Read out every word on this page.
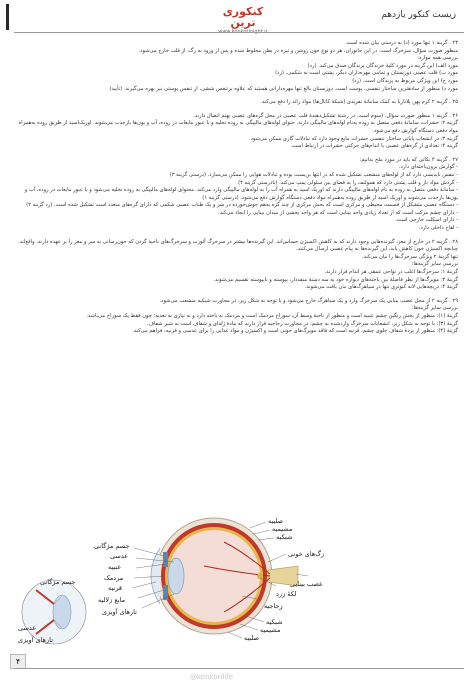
کنکوری ترین
زیست کنکور یازدهم

۲۴ . گزینه ۱ تنها مورد (د) به درستی بیان شده است.

منظور صورت سؤال، سرخرگ است. در این جانوران، هر دو نوع خون روشن و تیره در بطن مخلوط شده و پس از ورود به رگ، از قلب خارج می‌شود.

بررسی همه موارد:

مورد الف) این گزینه در مورد کلیهٔ خزندگان پرندگان صدق می‌کند. (رد)

مورد ب) قلب عصبی دوزیستان و تمامی مهره‌داران دیگر، پشتی است نه شکمی. (رد)

مورد ج) این ویژگی مربوط به پرندگان است. (رد)

مورد د) منظور از سادهترین ساختار تنفسی، پوست است. دوزیستان بالغ تنها مهره‌دارانی هستند که علاوه برتنفس ششی، از تنفس پوستی نیز بهره می‌گیرند. (تأیید)

۲۵ . گزینه ۲ کرم پهن پلاناریا به کمک سامانهٔ نفریدی (شبکهٔ کانال‌ها) مواد زائد را دفع می‌کند.

۲۶ . گزینه ۱ منظور صورت سؤال، (سوم است. در رشتهٔ تشکیل‌دهندهٔ قلب عصبی در محل گره‌های عصبی بهتم اتصال دارند.

گزینه ۲: حشرات، سامانهٔ دفعی متصل به روده به‌نام لوله‌های مالپیگی دارند. حتوای لوله‌های مالپیگی به روده تخلیه و با عبور مایعات در روده، آب و یون‌ها بازجذب می‌شوند. اوریک‌اسید از طریق روده به‌همراه مواد دفعی دستگاه گوارش دفع می‌شود.

گزینه ۳: در انشعاب پایانی ساختار تنفسی حشرات مایع وجود دارد که تبادلات گازی ممکن می‌شود.

گزینه ۴: تعدادی از گره‌های عصبی یا اندام‌های حرکتی حشرات در ارتباط است.

۲۷ . گزینه ۴ نکاتی که باید در مورد ملخ بدانیم:

- گوارش برون‌یاخته‌ای دارد.

- تنفس نایدیسی دارد که از لوله‌های منشعب تشکیل شده که در انتها بن‌بست بوده و تبادلات هوایی را ممکن می‌سازد. (درستی گزینه ۳)

- گردش مواد باز و قلب پشتی دارد که همولنف را به فضای بین سلولی پمپ می‌کند. (نادرستی گزینه ۴)

- سامانهٔ دفعی متصل به روده به نام لوله‌های مالپیگی دارند که اوریک اسید به همراه آب را به لوله‌های مالپیگی وارد می‌کند. محتوای لوله‌های مالپیگی به روده تخلیه می‌شود و با عبور مایعات در روده، آب و یون‌ها بازجذب می‌شوند و اوریک اسید از طریق روده به‌همراه مواد دفعی دستگاه گوارش دفع می‌شود. (درستی گزینه ۱)

- دستگاه عصبی متشکل از قسمت محیطی و مرکزی است که بخش مرکزی از چند گره به‌هم جوش‌خورده در سر و یک طناب عصبی شکمی که دارای گره‌های متعدد است تشکیل شده است. (رد گزینه ۲)

- دارای چشم مرکب است که از تعداد زیادی واحد بینایی است که هر واحد بخشی از میدان بینایی را ایجاد می‌کند.

- دارای اسکلت خارجی است.

- لقاح داخلی دارد.

۲۸ . گزینه ۲ در خارج از مغز، گیرنده‌هایی وجود دارند که به کاهش اکسیژن حساس‌اند. این گیرنده‌ها بیشتر در سرخرگ آئورت و سرخرگ‌های ناحیهٔ گردن که خون‌رسانی به سر و مغز را بر عهده دارند، واقع‌اند. چنانچه اکسیژن خون کاهش یابد، این گیرنده‌ها به پیام عصبی ارسال می‌کنند.

تنها گزینهٔ ۲ ویژگی سرخرگ‌ها را بیان می‌کند.

بررسی سایر گزینه‌ها:

گزینهٔ ۱: سرخرگ‌ها اغلب در نواحی عمقی هر اندام قرار دارند.

گزینهٔ ۳: مویرگ‌ها از نظر فاصلهٔ بین یاخته‌های دیواره خود به سه دستهٔ منفذدار، پیوسته و ناپیوسته تقسیم می‌شوند.

گزینهٔ ۴: دریچه‌هایی لانه کبوتری تنها در سیاهرگ‌های بدن یافت می‌شوند.

۲۹ . گزینه ۲ از محل عصب بینایی یک سرخرگ وارد و یک سیاهرگ خارج می‌شود و با توجه به شکل زیر، در مجاورت شبکیه منشعب می‌شود.

بررسی سایر گزینه‌ها:

گزینهٔ (۱): منظور از بخش رنگین چشم عنبیه است و منظور از ناحیهٔ وسط آن، سوراخ مردمک است و مردمک نه یاخته دارد و نه نیازی به تغذیه؛ چون فقط یک سوراخ می‌باشد.

گزینهٔ (۳): با توجه به شکل زیر، انشعابات سرخرگ واردشده به چشم، در مجاورت زجاجیه قرار دارند که مادهٔ ژله‌ای و شفاف است نه شیر شفاف.

گزینهٔ (۴): منظور از پردهٔ شفاف جلوی چشم، قرنیه است که فاقد مویرگ‌های خونی است و اکسیژن و مواد غذایی را برای عدسی و قرنیه، فراهم می‌کند.

صلبیه
مشیمیه
شبکیه
رگ‌های خونی
عصب بینایی
لکهٔ زرد
زجاجیه
شبکیه
مشیمیه
صلبیه
جسم مژگانی
عدسی
عنبیه
مردمک
قرنیه
مایع زلالیه
تارهای آویزی
جسم مژگانی
عدسی
تارهای آویزی
۴
@konkorilife
